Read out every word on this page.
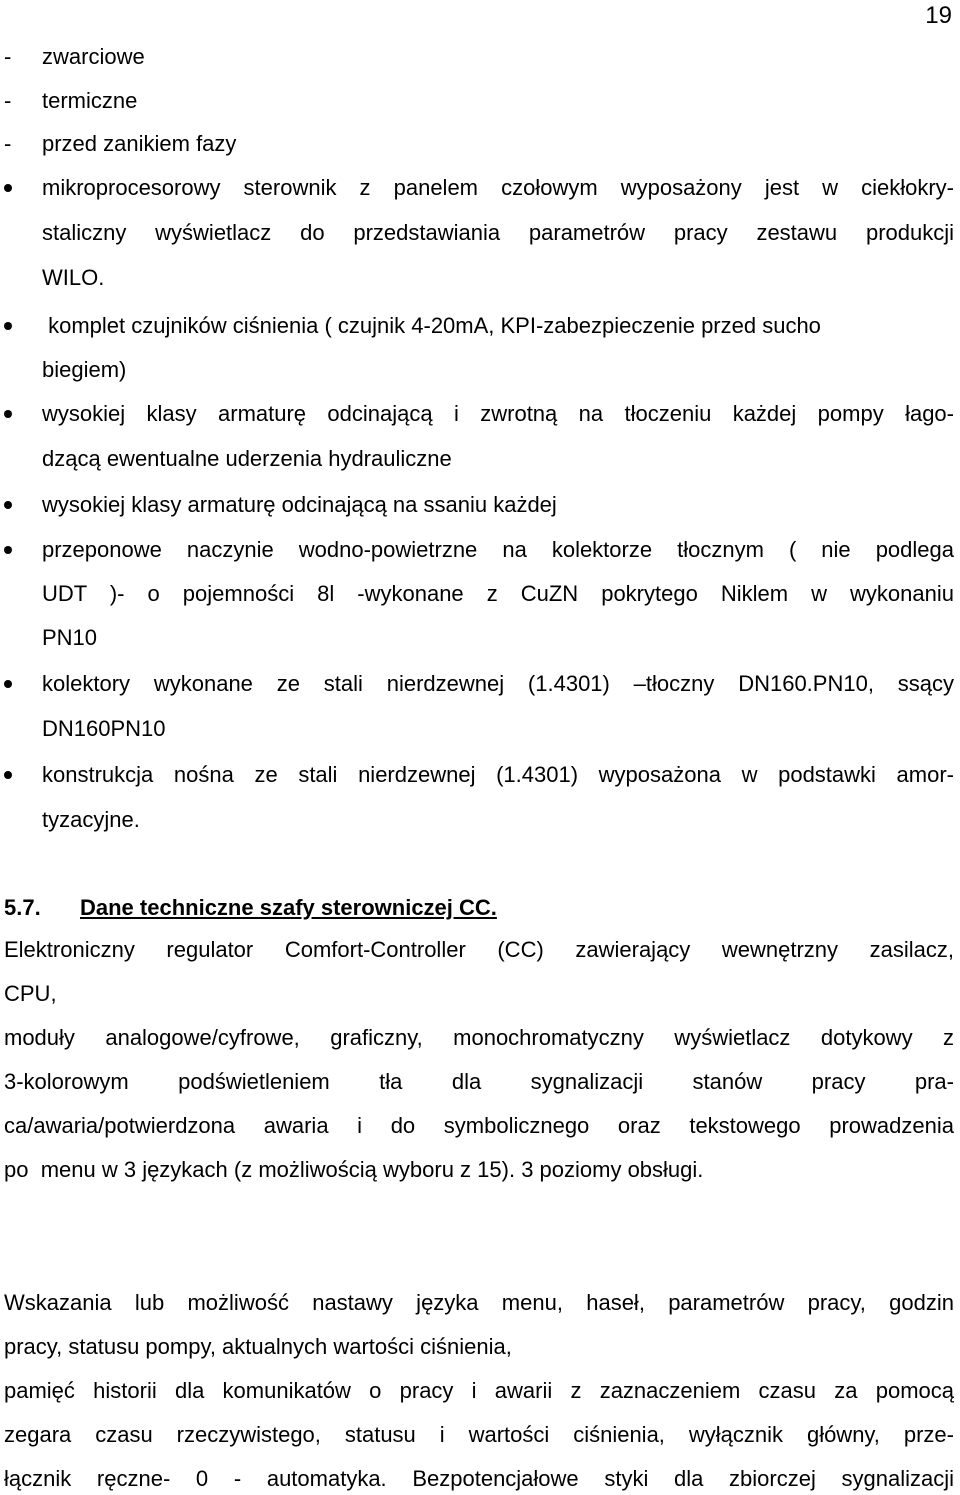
19
-	zwarciowe
-	termiczne
-	przed zanikiem fazy
mikroprocesorowy sterownik z panelem czołowym wyposażony jest w ciekłokry-
staliczny wyświetlacz do przedstawiania parametrów pracy zestawu produkcji
WILO.
komplet czujników ciśnienia ( czujnik 4-20mA, KPI-zabezpieczenie przed sucho
biegiem)
wysokiej klasy armaturę odcinającą i zwrotną na tłoczeniu każdej pompy łago-
dzącą ewentualne uderzenia hydrauliczne
wysokiej klasy armaturę odcinającą na ssaniu każdej
przeponowe naczynie wodno-powietrzne na kolektorze tłocznym ( nie podlega
UDT )- o pojemności 8l -wykonane z CuZN pokrytego Niklem w wykonaniu
PN10
kolektory wykonane ze stali nierdzewnej (1.4301) –tłoczny DN160.PN10, ssący
DN160PN10
konstrukcja nośna ze stali nierdzewnej (1.4301) wyposażona w podstawki amor-
tyzacyjne.
5.7. Dane techniczne szafy sterowniczej CC.
Elektroniczny regulator Comfort-Controller (CC) zawierający wewnętrzny zasilacz,
CPU,
moduły analogowe/cyfrowe, graficzny, monochromatyczny wyświetlacz dotykowy z
3-kolorowym podświetleniem tła dla sygnalizacji stanów pracy pra-
ca/awaria/potwierdzona awaria i do symbolicznego oraz tekstowego prowadzenia
po  menu w 3 językach (z możliwością wyboru z 15). 3 poziomy obsługi.
Wskazania lub możliwość nastawy języka menu, haseł, parametrów pracy, godzin
pracy, statusu pompy, aktualnych wartości ciśnienia,
pamięć historii dla komunikatów o pracy i awarii z zaznaczeniem czasu za pomocą
zegara czasu rzeczywistego, statusu i wartości ciśnienia, wyłącznik główny, prze-
łącznik ręczne- 0 - automatyka. Bezpotencjałowe styki dla zbiorczej sygnalizacji
